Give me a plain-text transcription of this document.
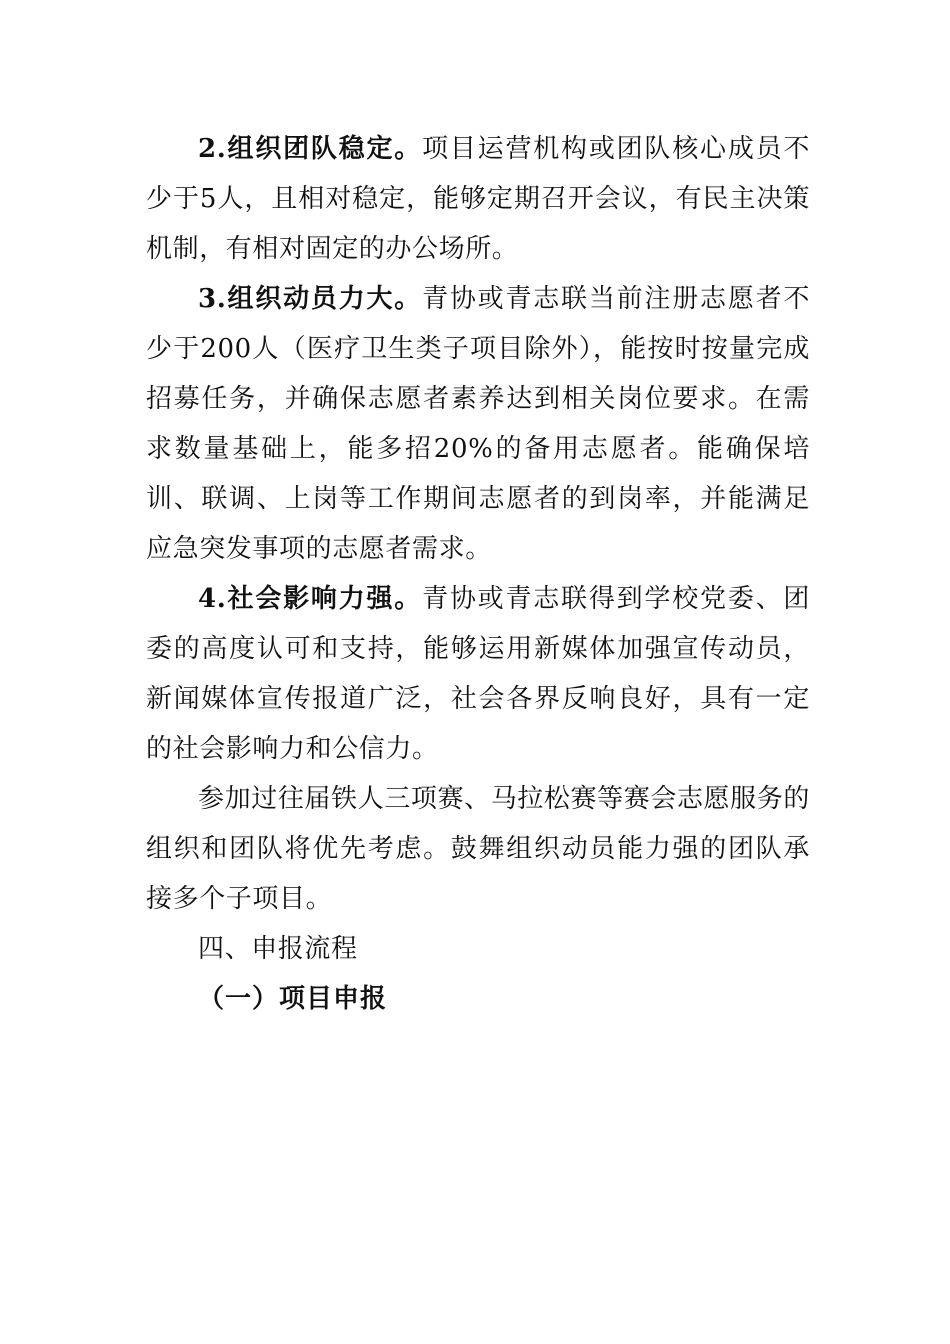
2.组织团队稳定。项目运营机构或团队核心成员不少于5人，且相对稳定，能够定期召开会议，有民主决策机制，有相对固定的办公场所。

3.组织动员力大。青协或青志联当前注册志愿者不少于200人（医疗卫生类子项目除外），能按时按量完成招募任务，并确保志愿者素养达到相关岗位要求。在需求数量基础上，能多招20%的备用志愿者。能确保培训、联调、上岗等工作期间志愿者的到岗率，并能满足应急突发事项的志愿者需求。

4.社会影响力强。青协或青志联得到学校党委、团委的高度认可和支持，能够运用新媒体加强宣传动员，新闻媒体宣传报道广泛，社会各界反响良好，具有一定的社会影响力和公信力。

参加过往届铁人三项赛、马拉松赛等赛会志愿服务的组织和团队将优先考虑。鼓舞组织动员能力强的团队承接多个子项目。

四、申报流程

（一）项目申报
